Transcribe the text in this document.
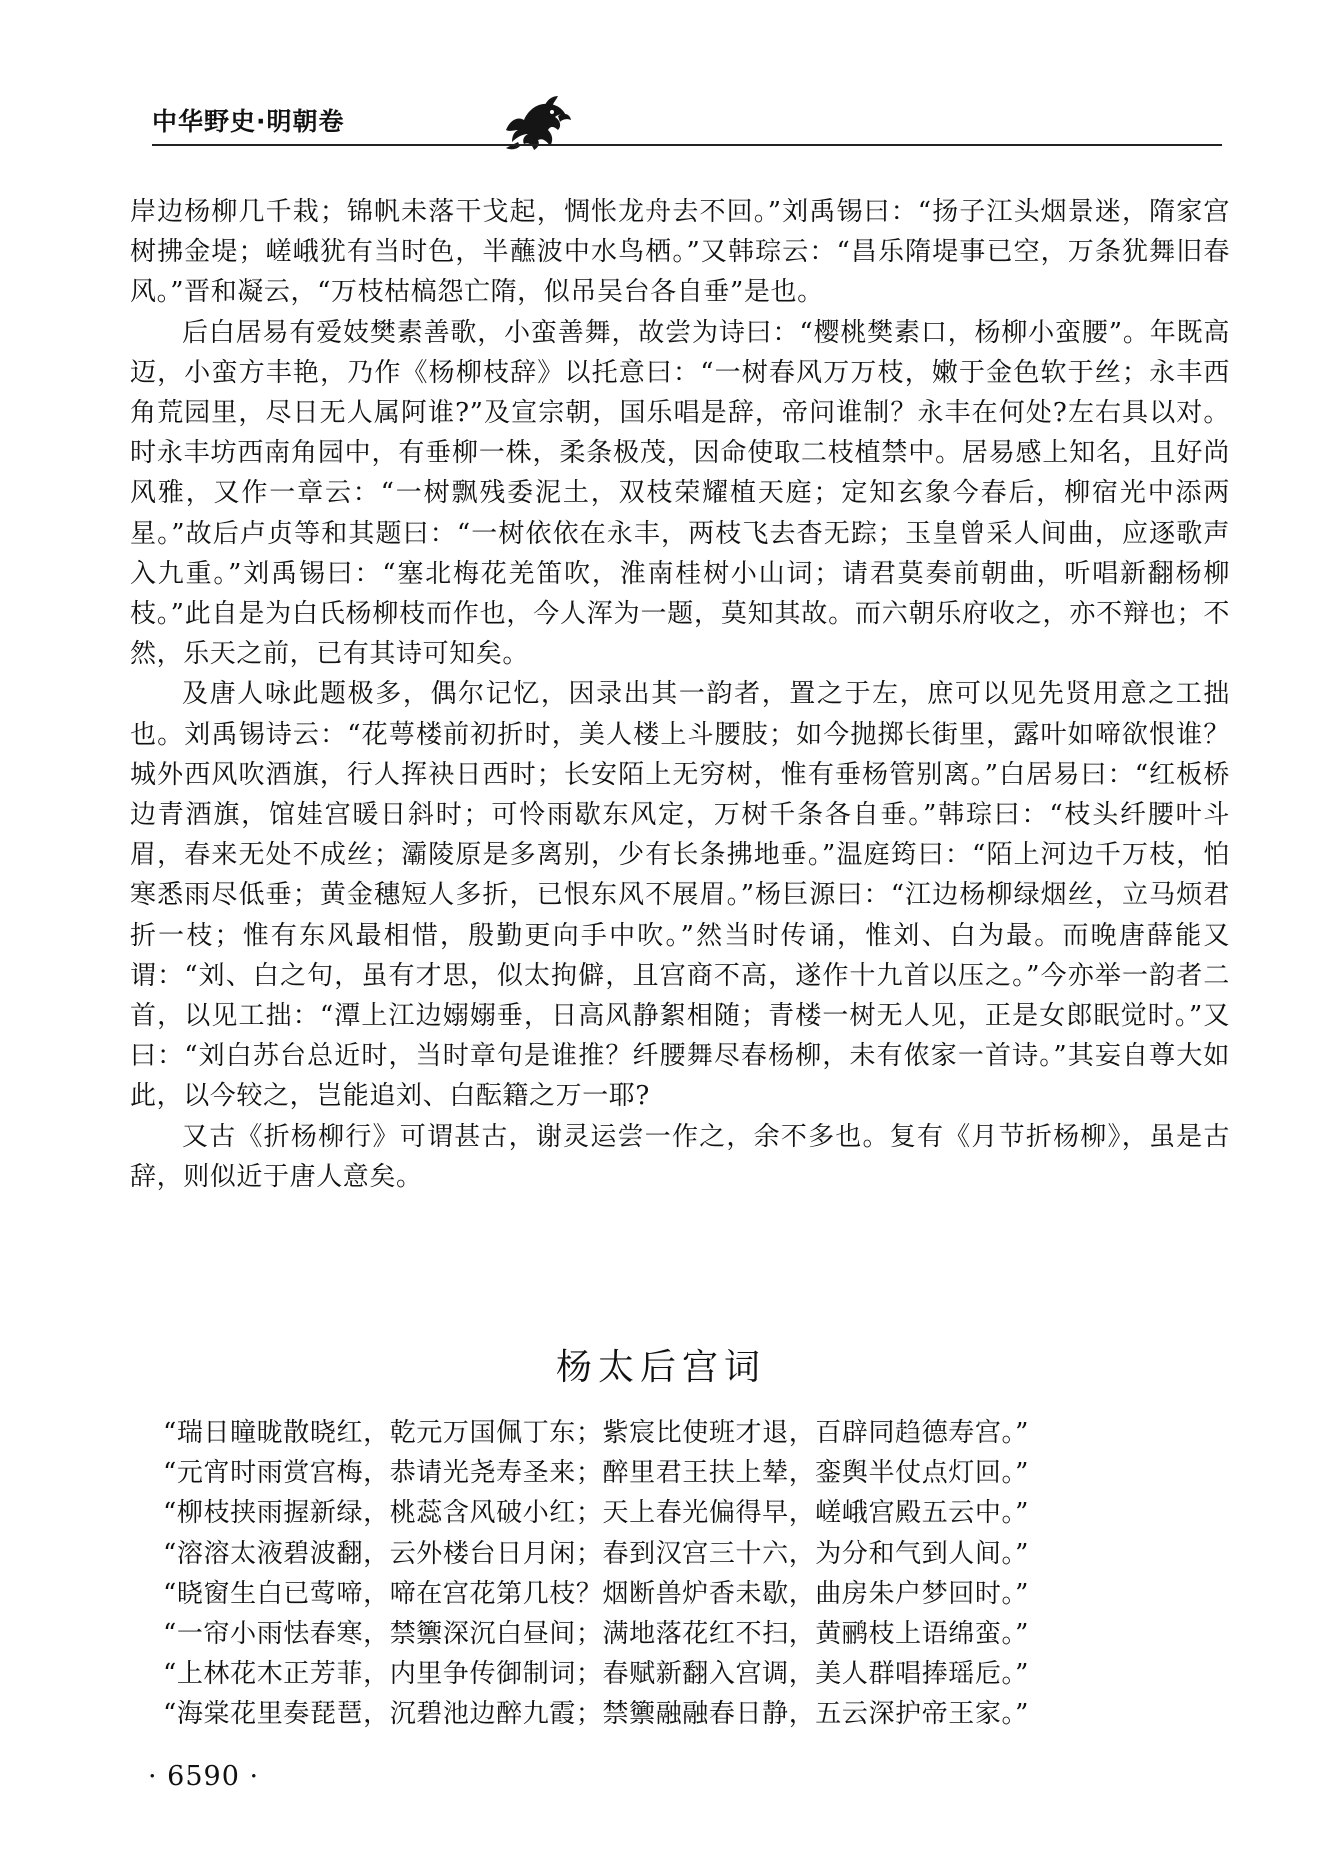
中华野史·明朝卷

岸边杨柳几千栽；锦帆未落干戈起，惆怅龙舟去不回。”刘禹锡曰：“扬子江头烟景迷，隋家宫树拂金堤；嵯峨犹有当时色，半蘸波中水鸟栖。”又韩琮云：“昌乐隋堤事已空，万条犹舞旧春风。”晋和凝云，“万枝枯槁怨亡隋，似吊吴台各自垂”是也。

后白居易有爱妓樊素善歌，小蛮善舞，故尝为诗曰：“樱桃樊素口，杨柳小蛮腰”。年既高迈，小蛮方丰艳，乃作《杨柳枝辞》以托意曰：“一树春风万万枝，嫩于金色软于丝；永丰西角荒园里，尽日无人属阿谁?”及宣宗朝，国乐唱是辞，帝问谁制？永丰在何处?左右具以对。时永丰坊西南角园中，有垂柳一株，柔条极茂，因命使取二枝植禁中。居易感上知名，且好尚风雅，又作一章云：“一树飘残委泥土，双枝荣耀植天庭；定知玄象今春后，柳宿光中添两星。”故后卢贞等和其题曰：“一树依依在永丰，两枝飞去杳无踪；玉皇曾采人间曲，应逐歌声入九重。”刘禹锡曰：“塞北梅花羌笛吹，淮南桂树小山词；请君莫奏前朝曲，听唱新翻杨柳枝。”此自是为白氏杨柳枝而作也，今人浑为一题，莫知其故。而六朝乐府收之，亦不辩也；不然，乐天之前，已有其诗可知矣。

及唐人咏此题极多，偶尔记忆，因录出其一韵者，置之于左，庶可以见先贤用意之工拙也。刘禹锡诗云：“花萼楼前初折时，美人楼上斗腰肢；如今抛掷长街里，露叶如啼欲恨谁？城外西风吹酒旗，行人挥袂日西时；长安陌上无穷树，惟有垂杨管别离。”白居易曰：“红板桥边青酒旗，馆娃宫暖日斜时；可怜雨歇东风定，万树千条各自垂。”韩琮曰：“枝头纤腰叶斗眉，春来无处不成丝；灞陵原是多离别，少有长条拂地垂。”温庭筠曰：“陌上河边千万枝，怕寒悉雨尽低垂；黄金穗短人多折，已恨东风不展眉。”杨巨源曰：“江边杨柳绿烟丝，立马烦君折一枝；惟有东风最相惜，殷勤更向手中吹。”然当时传诵，惟刘、白为最。而晚唐薛能又谓：“刘、白之句，虽有才思，似太拘僻，且宫商不高，遂作十九首以压之。”今亦举一韵者二首，以见工拙：“潭上江边嫋嫋垂，日高风静絮相随；青楼一树无人见，正是女郎眠觉时。”又曰：“刘白苏台总近时，当时章句是谁推？纤腰舞尽春杨柳，未有侬家一首诗。”其妄自尊大如此，以今较之，岂能追刘、白酝籍之万一耶?

又古《折杨柳行》可谓甚古，谢灵运尝一作之，余不多也。复有《月节折杨柳》，虽是古辞，则似近于唐人意矣。

杨太后宫词
“瑞日瞳昽散晓红，乾元万国佩丁东；紫宸比使班才退，百辟同趋德寿宫。”
“元宵时雨赏宫梅，恭请光尧寿圣来；醉里君王扶上辇，銮舆半仗点灯回。”
“柳枝挟雨握新绿，桃蕊含风破小红；天上春光偏得早，嵯峨宫殿五云中。”
“溶溶太液碧波翻，云外楼台日月闲；春到汉宫三十六，为分和气到人间。”
“晓窗生白已莺啼，啼在宫花第几枝？烟断兽炉香未歇，曲房朱户梦回时。”
“一帘小雨怯春寒，禁籞深沉白昼间；满地落花红不扫，黄鹂枝上语绵蛮。”
“上林花木正芳菲，内里争传御制词；春赋新翻入宫调，美人群唱捧瑶卮。”
“海棠花里奏琵琶，沉碧池边醉九霞；禁籞融融春日静，五云深护帝王家。”
· 6590 ·
